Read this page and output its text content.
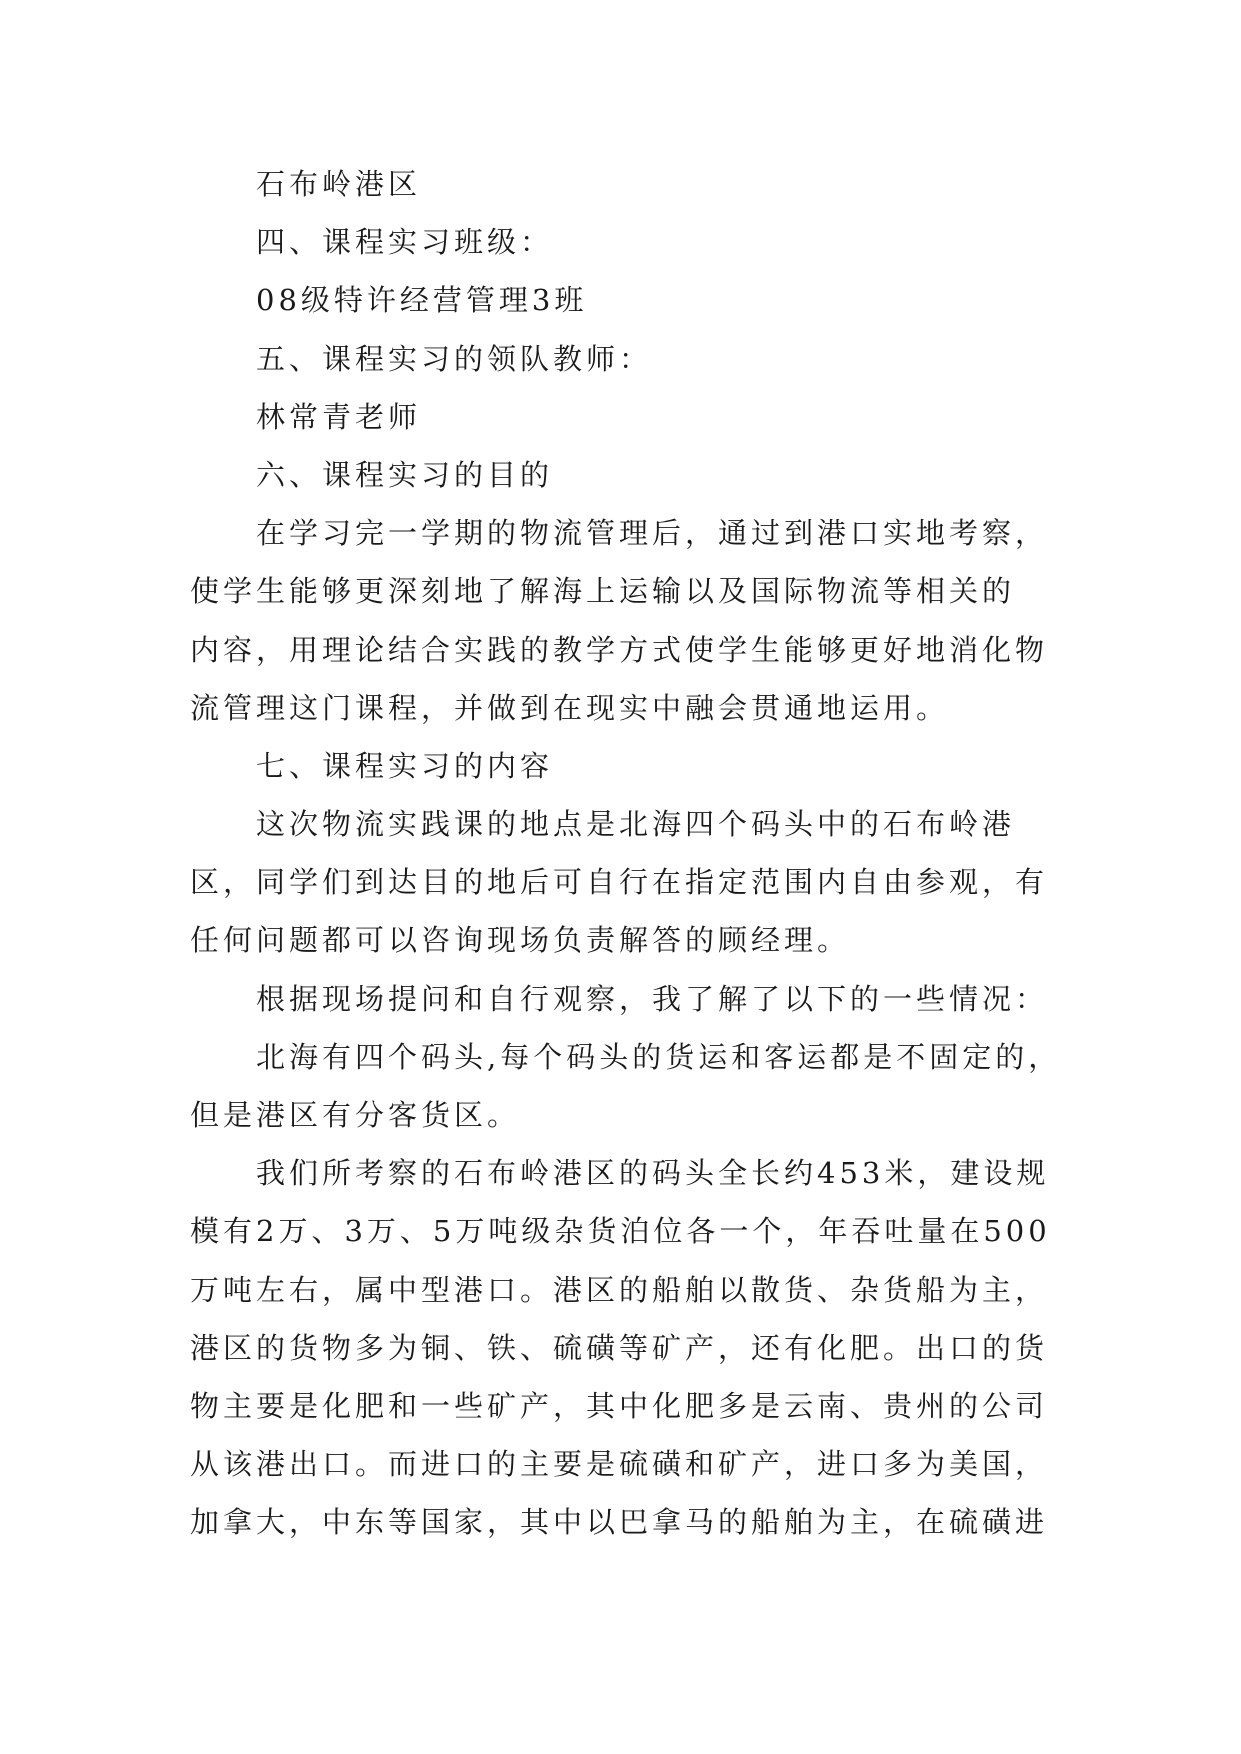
石布岭港区
四、课程实习班级：
08级特许经营管理3班
五、课程实习的领队教师：
林常青老师
六、课程实习的目的
在学习完一学期的物流管理后，通过到港口实地考察，
使学生能够更深刻地了解海上运输以及国际物流等相关的
内容，用理论结合实践的教学方式使学生能够更好地消化物
流管理这门课程，并做到在现实中融会贯通地运用。
七、课程实习的内容
这次物流实践课的地点是北海四个码头中的石布岭港
区，同学们到达目的地后可自行在指定范围内自由参观，有
任何问题都可以咨询现场负责解答的顾经理。
根据现场提问和自行观察，我了解了以下的一些情况：
北海有四个码头,每个码头的货运和客运都是不固定的，
但是港区有分客货区。
我们所考察的石布岭港区的码头全长约453米，建设规
模有2万、3万、5万吨级杂货泊位各一个，年吞吐量在500
万吨左右，属中型港口。港区的船舶以散货、杂货船为主，
港区的货物多为铜、铁、硫磺等矿产，还有化肥。出口的货
物主要是化肥和一些矿产，其中化肥多是云南、贵州的公司
从该港出口。而进口的主要是硫磺和矿产，进口多为美国，
加拿大，中东等国家，其中以巴拿马的船舶为主，在硫磺进
